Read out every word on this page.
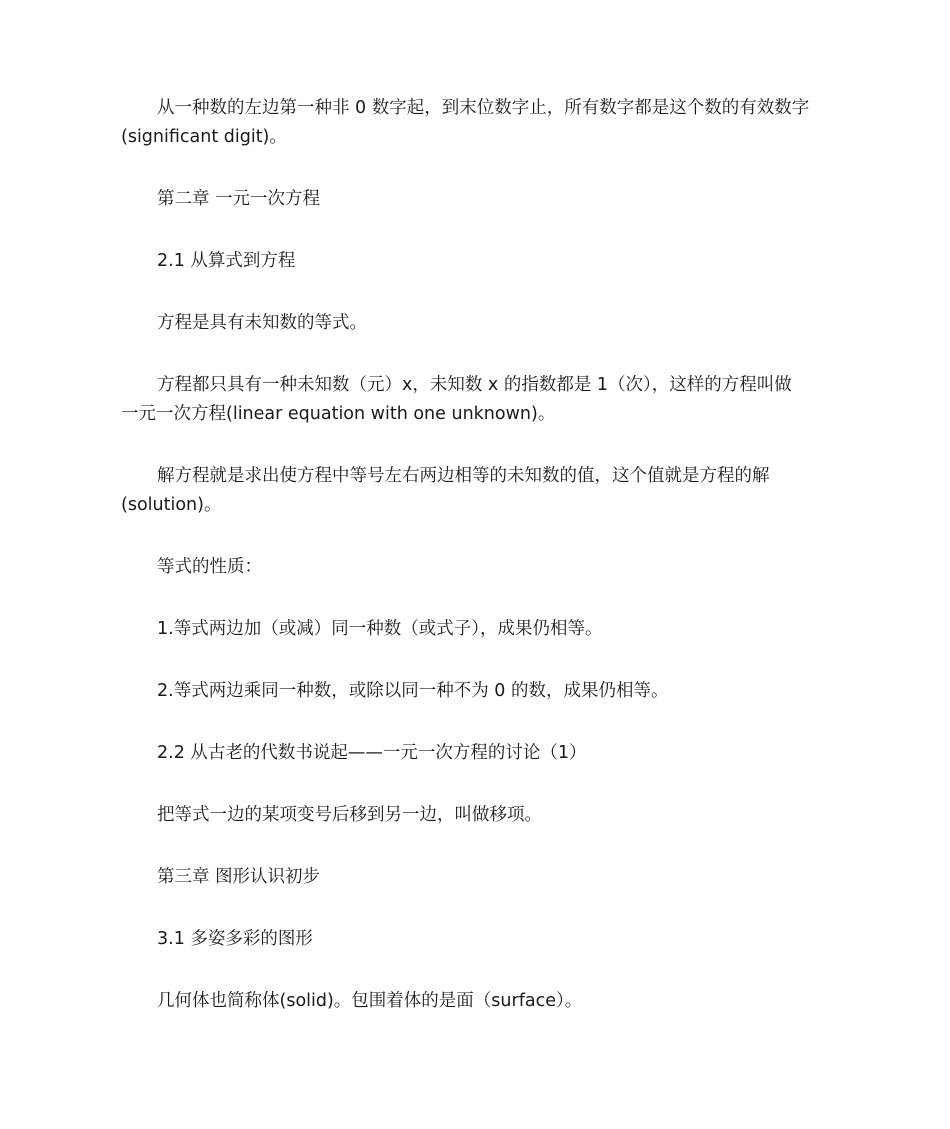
从一种数的左边第一种非 0 数字起，到末位数字止，所有数字都是这个数的有效数字
(significant digit)。
第二章 一元一次方程
2.1 从算式到方程
方程是具有未知数的等式。
方程都只具有一种未知数（元）x，未知数 x 的指数都是 1（次），这样的方程叫做
一元一次方程(linear equation with one unknown)。
解方程就是求出使方程中等号左右两边相等的未知数的值，这个值就是方程的解
(solution)。
等式的性质：
1.等式两边加（或减）同一种数（或式子），成果仍相等。
2.等式两边乘同一种数，或除以同一种不为 0 的数，成果仍相等。
2.2 从古老的代数书说起——一元一次方程的讨论（1）
把等式一边的某项变号后移到另一边，叫做移项。
第三章 图形认识初步
3.1 多姿多彩的图形
几何体也简称体(solid)。包围着体的是面（surface）。
